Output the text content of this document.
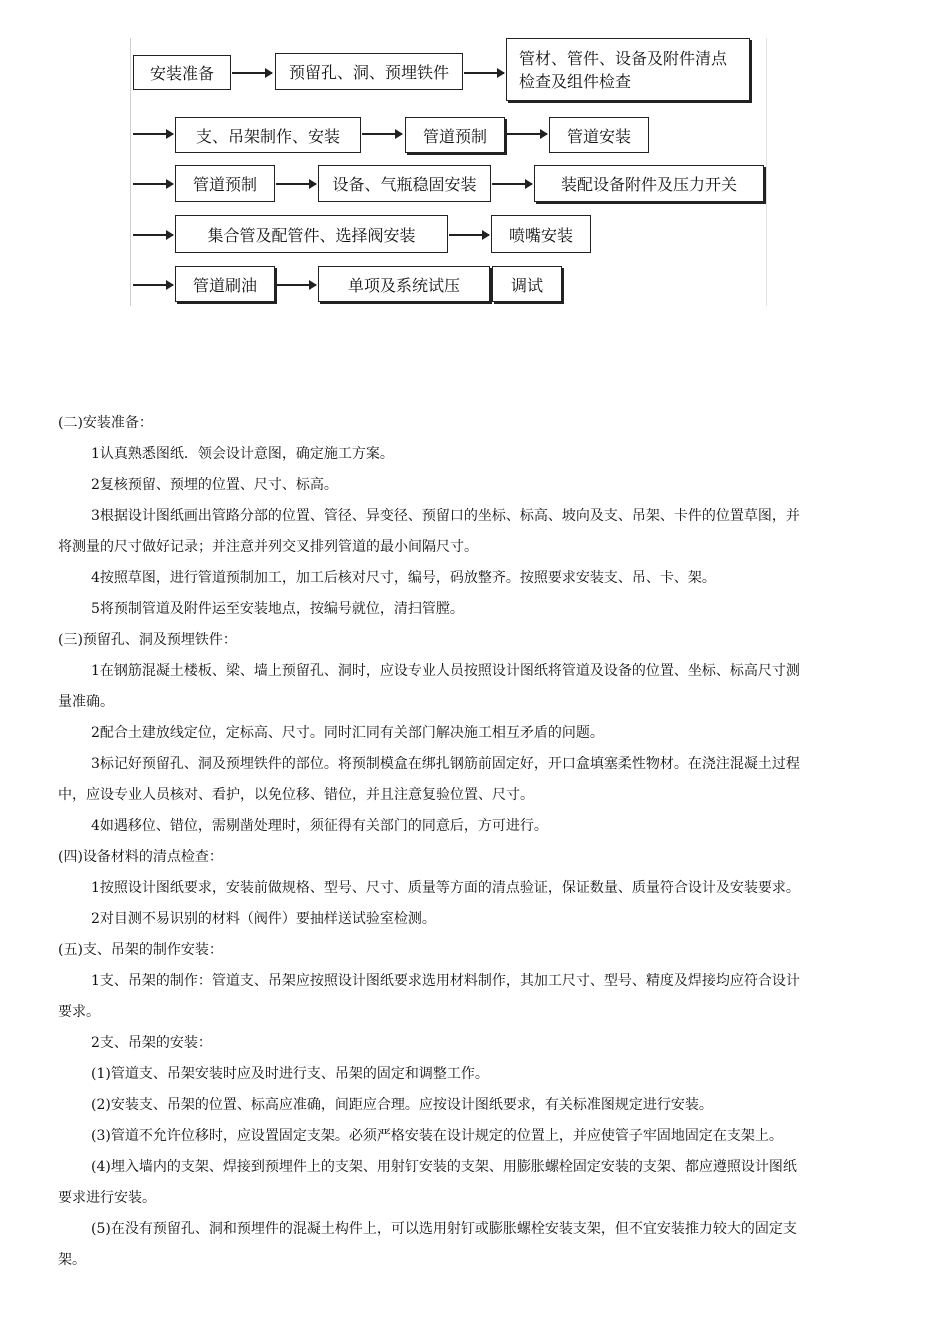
安装准备	预留孔、洞、预埋铁件
管材、管件、设备及附件清点
检查及组件检查
支、吊架制作、安装	管道预制	管道安装
管道预制	设备、气瓶稳固安装	装配设备附件及压力开关
集合管及配管件、选择阀安装	喷嘴安装
管道刷油	单项及系统试压	调试

(二)安装准备：

1认真熟悉图纸．领会设计意图，确定施工方案。

2复核预留、预埋的位置、尺寸、标高。

3根据设计图纸画出管路分部的位置、管径、异变径、预留口的坐标、标高、坡向及支、吊架、卡件的位置草图，并

将测量的尺寸做好记录；并注意并列交叉排列管道的最小间隔尺寸。

4按照草图，进行管道预制加工，加工后核对尺寸，编号，码放整齐。按照要求安装支、吊、卡、架。

5将预制管道及附件运至安装地点，按编号就位，清扫管膛。

(三)预留孔、洞及预埋铁件：

1在钢筋混凝土楼板、梁、墙上预留孔、洞时，应设专业人员按照设计图纸将管道及设备的位置、坐标、标高尺寸测

量准确。

2配合土建放线定位，定标高、尺寸。同时汇同有关部门解决施工相互矛盾的问题。

3标记好预留孔、洞及预埋铁件的部位。将预制模盒在绑扎钢筋前固定好，开口盒填塞柔性物材。在浇注混凝土过程

中，应设专业人员核对、看护，以免位移、错位，并且注意复验位置、尺寸。

4如遇移位、错位，需剔凿处理时，须征得有关部门的同意后，方可进行。

(四)设备材料的清点检查：

1按照设计图纸要求，安装前做规格、型号、尺寸、质量等方面的清点验证，保证数量、质量符合设计及安装要求。

2对目测不易识别的材料（阀件）要抽样送试验室检测。

(五)支、吊架的制作安装：

1支、吊架的制作：管道支、吊架应按照设计图纸要求选用材料制作，其加工尺寸、型号、精度及焊接均应符合设计

要求。

2支、吊架的安装：

(1)管道支、吊架安装时应及时进行支、吊架的固定和调整工作。

(2)安装支、吊架的位置、标高应准确，间距应合理。应按设计图纸要求，有关标准图规定进行安装。

(3)管道不允许位移时，应设置固定支架。必须严格安装在设计规定的位置上，并应使管子牢固地固定在支架上。

(4)埋入墙内的支架、焊接到预埋件上的支架、用射钉安装的支架、用膨胀螺栓固定安装的支架、都应遵照设计图纸

要求进行安装。

(5)在没有预留孔、洞和预埋件的混凝土构件上，可以选用射钉或膨胀螺栓安装支架，但不宜安装推力较大的固定支

架。
